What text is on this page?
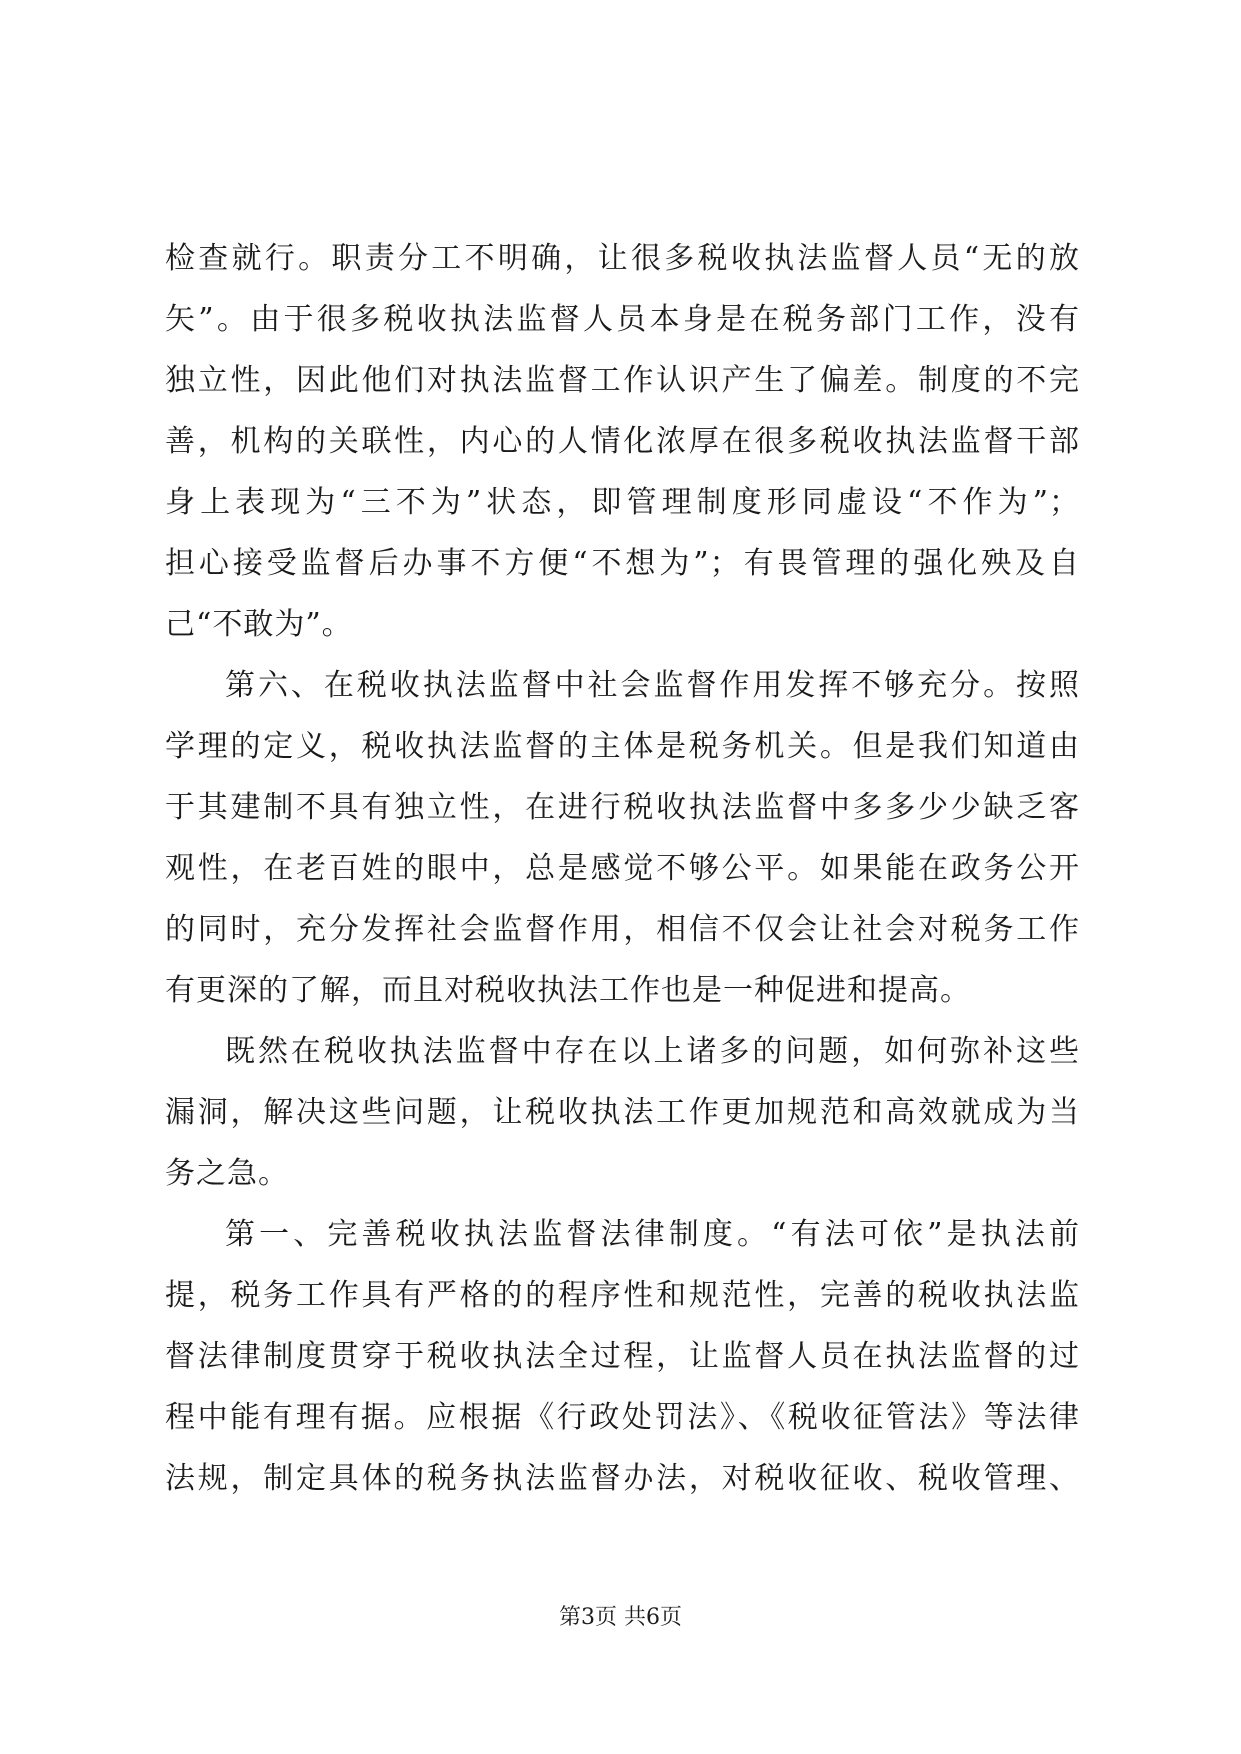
检查就行。职责分工不明确，让很多税收执法监督人员“无的放
矢”。由于很多税收执法监督人员本身是在税务部门工作，没有
独立性，因此他们对执法监督工作认识产生了偏差。制度的不完
善，机构的关联性，内心的人情化浓厚在很多税收执法监督干部
身上表现为“三不为”状态，即管理制度形同虚设“不作为”；
担心接受监督后办事不方便“不想为”；有畏管理的强化殃及自
己“不敢为”。
第六、在税收执法监督中社会监督作用发挥不够充分。按照
学理的定义，税收执法监督的主体是税务机关。但是我们知道由
于其建制不具有独立性，在进行税收执法监督中多多少少缺乏客
观性，在老百姓的眼中，总是感觉不够公平。如果能在政务公开
的同时，充分发挥社会监督作用，相信不仅会让社会对税务工作
有更深的了解，而且对税收执法工作也是一种促进和提高。
既然在税收执法监督中存在以上诸多的问题，如何弥补这些
漏洞，解决这些问题，让税收执法工作更加规范和高效就成为当
务之急。
第一、完善税收执法监督法律制度。“有法可依”是执法前
提，税务工作具有严格的的程序性和规范性，完善的税收执法监
督法律制度贯穿于税收执法全过程，让监督人员在执法监督的过
程中能有理有据。应根据《行政处罚法》、《税收征管法》等法律
法规，制定具体的税务执法监督办法，对税收征收、税收管理、
第3页 共6页
